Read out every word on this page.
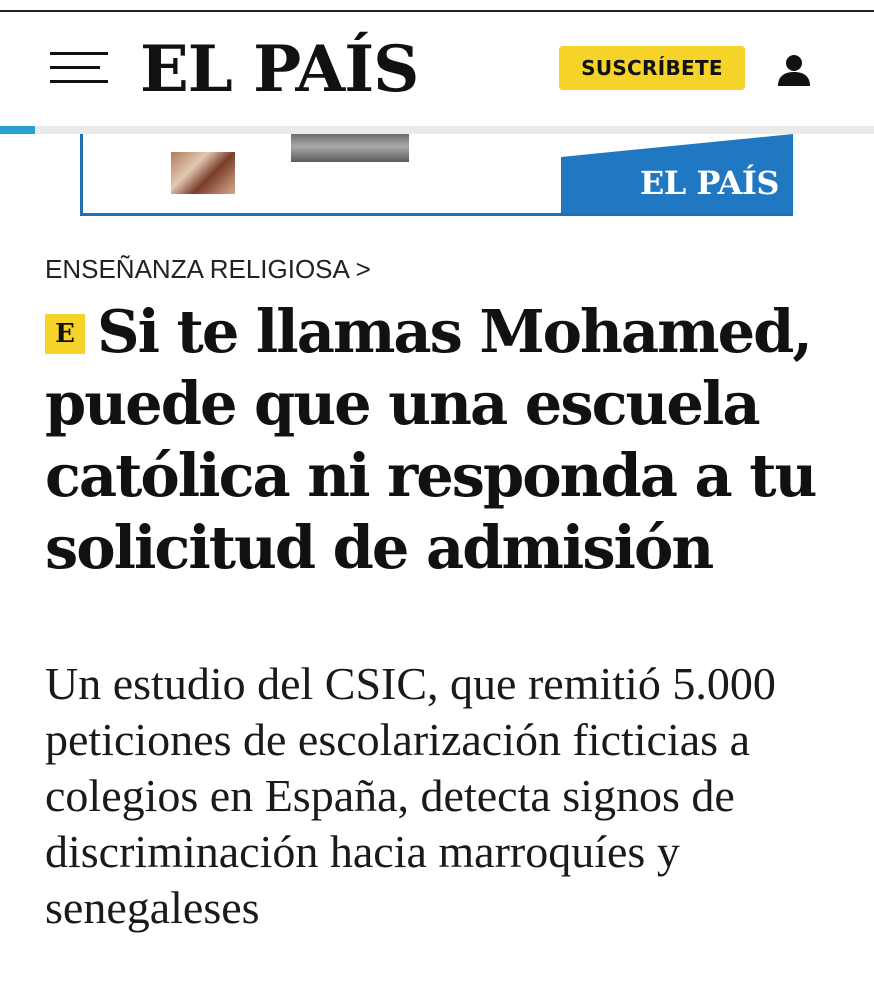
EL PAÍS	SUSCRÍBETE
EL PAÍS
ENSEÑANZA RELIGIOSA >
E Si te llamas Mohamed, puede que una escuela católica ni responda a tu solicitud de admisión

Un estudio del CSIC, que remitió 5.000 peticiones de escolarización ficticias a colegios en España, detecta signos de discriminación hacia marroquíes y senegaleses
